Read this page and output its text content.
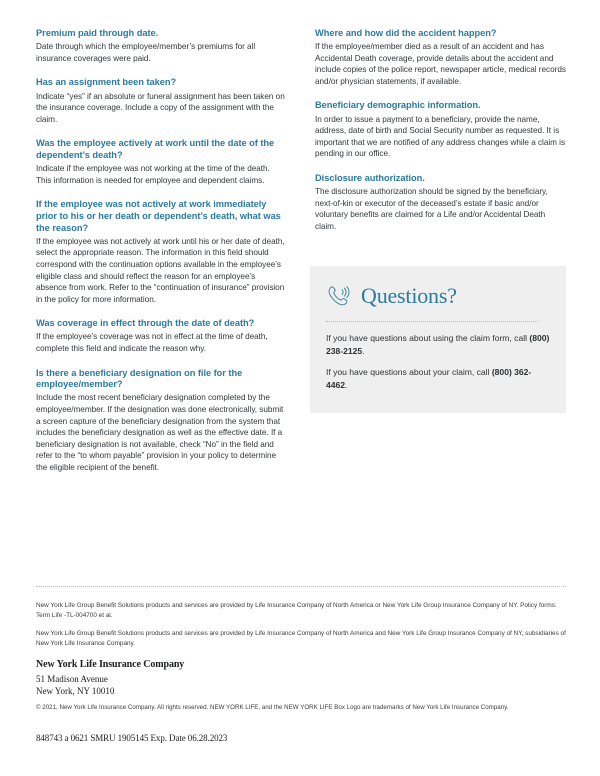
Premium paid through date.

Date through which the employee/member’s premiums for all insurance coverages were paid.

Has an assignment been taken?

Indicate “yes” if an absolute or funeral assignment has been taken on the insurance coverage. Include a copy of the assignment with the claim.

Was the employee actively at work until the date of the dependent’s death?

Indicate if the employee was not working at the time of the death. This information is needed for employee and dependent claims.

If the employee was not actively at work immediately prior to his or her death or dependent’s death, what was the reason?

If the employee was not actively at work until his or her date of death, select the appropriate reason. The information in this field should correspond with the continuation options available in the employee’s eligible class and should reflect the reason for an employee’s absence from work. Refer to the “continuation of insurance” provision in the policy for more information.

Was coverage in effect through the date of death?

If the employee’s coverage was not in effect at the time of death, complete this field and indicate the reason why.

Is there a beneficiary designation on file for the employee/member?

Include the most recent beneficiary designation completed by the employee/member. If the designation was done electronically, submit a screen capture of the beneficiary designation from the system that includes the beneficiary designation as well as the effective date. If a beneficiary designation is not available, check “No” in the field and refer to the “to whom payable” provision in your policy to determine the eligible recipient of the benefit.

Where and how did the accident happen?

If the employee/member died as a result of an accident and has Accidental Death coverage, provide details about the accident and include copies of the police report, newspaper article, medical records and/or physician statements, if available.

Beneficiary demographic information.

In order to issue a payment to a beneficiary, provide the name, address, date of birth and Social Security number as requested. It is important that we are notified of any address changes while a claim is pending in our office.

Disclosure authorization.

The disclosure authorization should be signed by the beneficiary, next-of-kin or executor of the deceased’s estate if basic and/or voluntary benefits are claimed for a Life and/or Accidental Death claim.

Questions?

If you have questions about using the claim form, call (800) 238-2125.

If you have questions about your claim, call (800) 362-4462.

New York Life Group Benefit Solutions products and services are provided by Life Insurance Company of North America or New York Life Group Insurance Company of NY. Policy forms: Term Life -TL-004700 et al.

New York Life Group Benefit Solutions products and services are provided by Life Insurance Company of North America and New York Life Group Insurance Company of NY, subsidiaries of New York Life Insurance Company.

New York Life Insurance Company

51 Madison Avenue
New York, NY 10010

© 2021, New York Life Insurance Company. All rights reserved. NEW YORK LIFE, and the NEW YORK LIFE Box Logo are trademarks of New York Life Insurance Company.

848743 a 0621 SMRU 1905145 Exp. Date 06.28.2023
